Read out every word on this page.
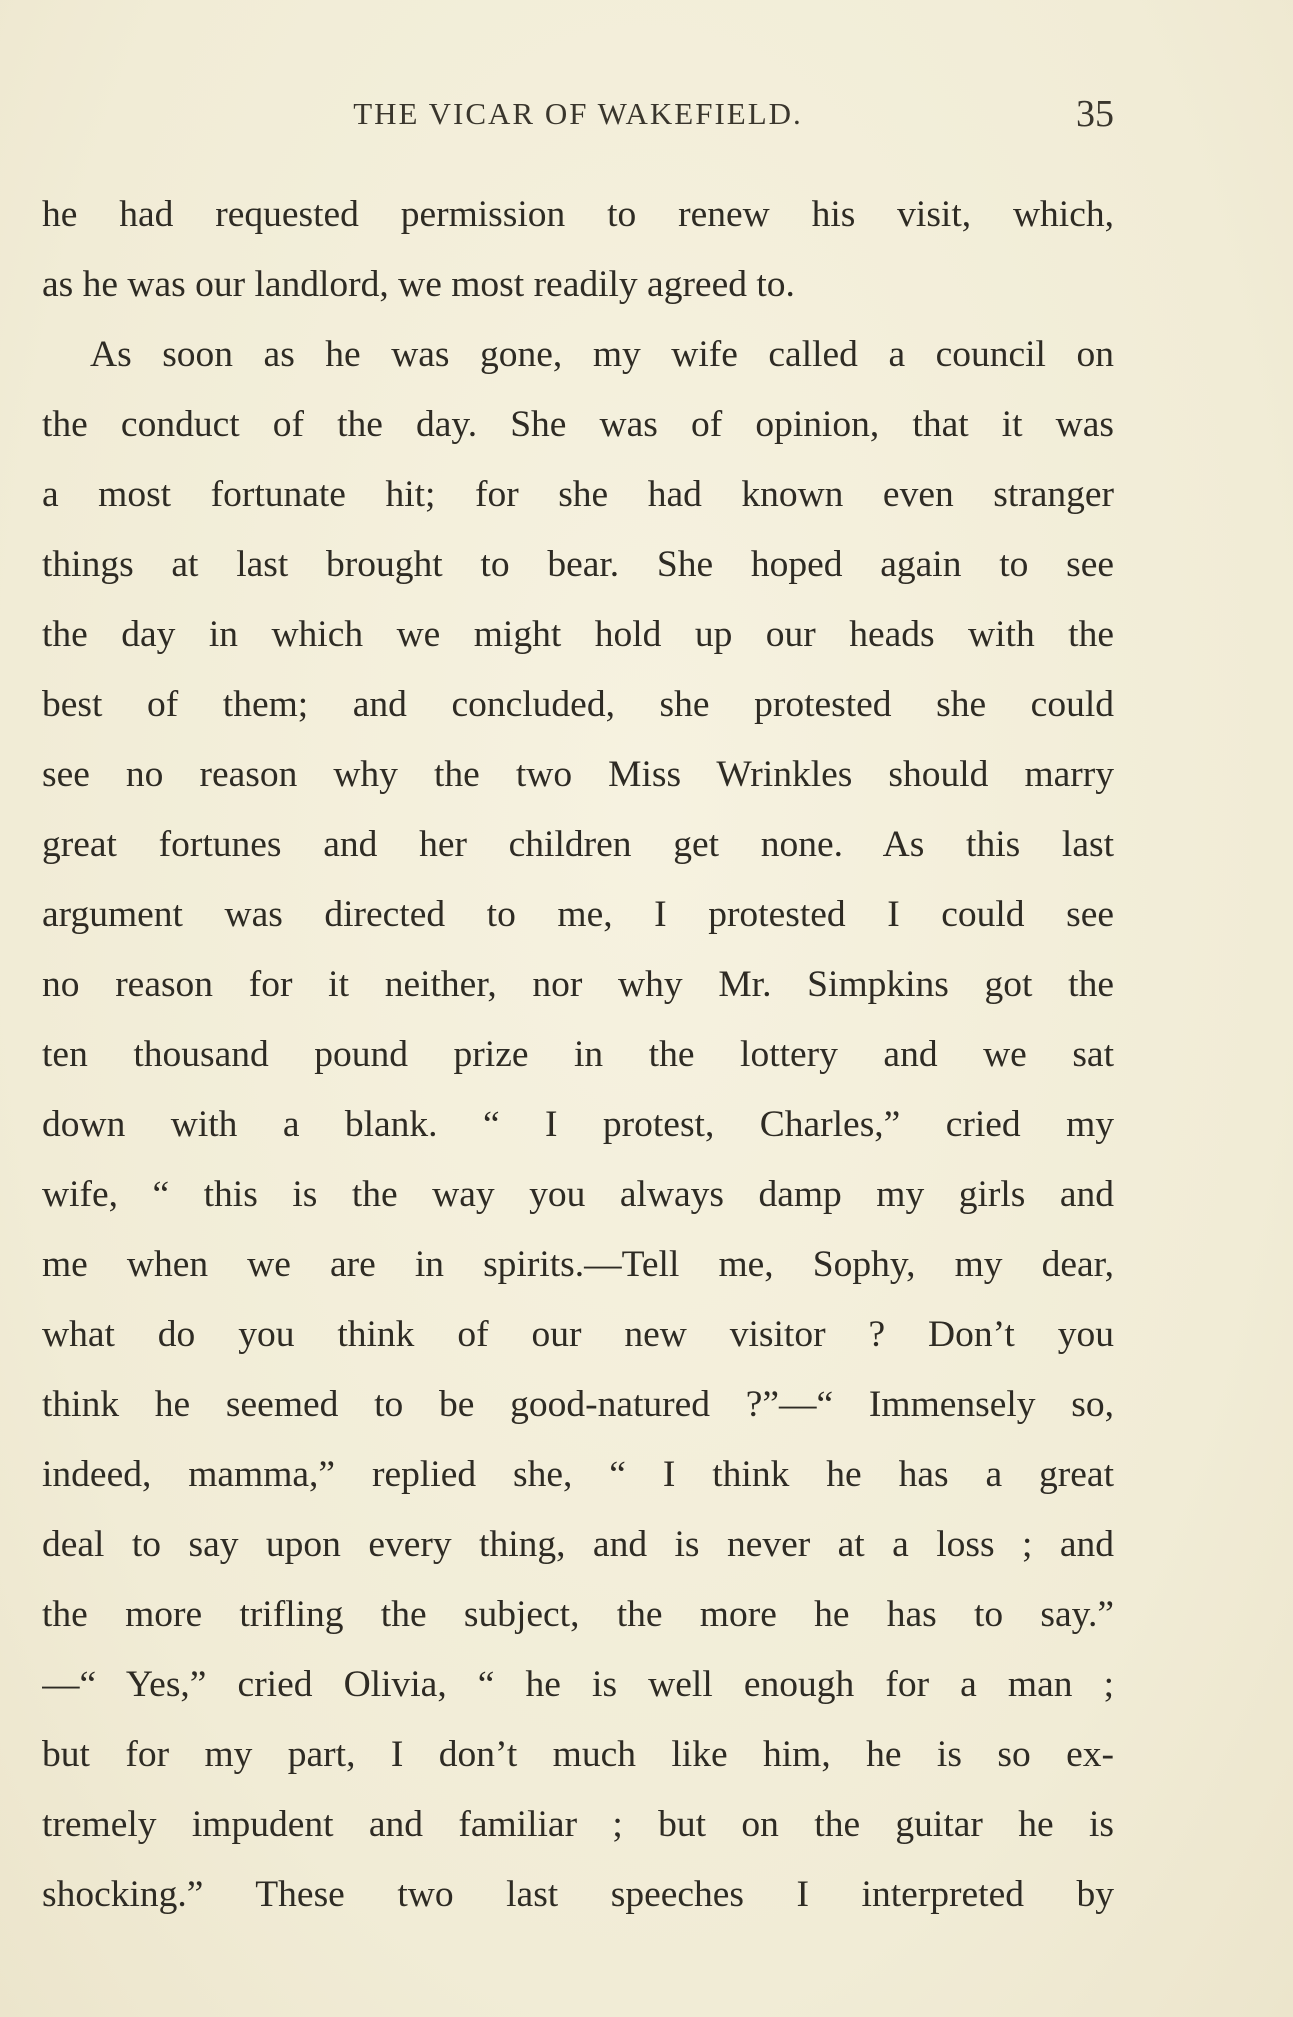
THE VICAR OF WAKEFIELD.	35
he had requested permission to renew his visit, which,
as he was our landlord, we most readily agreed to.
As soon as he was gone, my wife called a council on
the conduct of the day. She was of opinion, that it was
a most fortunate hit; for she had known even stranger
things at last brought to bear. She hoped again to see
the day in which we might hold up our heads with the
best of them; and concluded, she protested she could
see no reason why the two Miss Wrinkles should marry
great fortunes and her children get none. As this last
argument was directed to me, I protested I could see
no reason for it neither, nor why Mr. Simpkins got the
ten thousand pound prize in the lottery and we sat
down with a blank. “ I protest, Charles,” cried my
wife, “ this is the way you always damp my girls and
me when we are in spirits.—Tell me, Sophy, my dear,
what do you think of our new visitor ? Don’t you
think he seemed to be good-natured ?”—“ Immensely so,
indeed, mamma,” replied she, “ I think he has a great
deal to say upon every thing, and is never at a loss ; and
the more trifling the subject, the more he has to say.”
—“ Yes,” cried Olivia, “ he is well enough for a man ;
but for my part, I don’t much like him, he is so ex-
tremely impudent and familiar ; but on the guitar he is
shocking.” These two last speeches I interpreted by
